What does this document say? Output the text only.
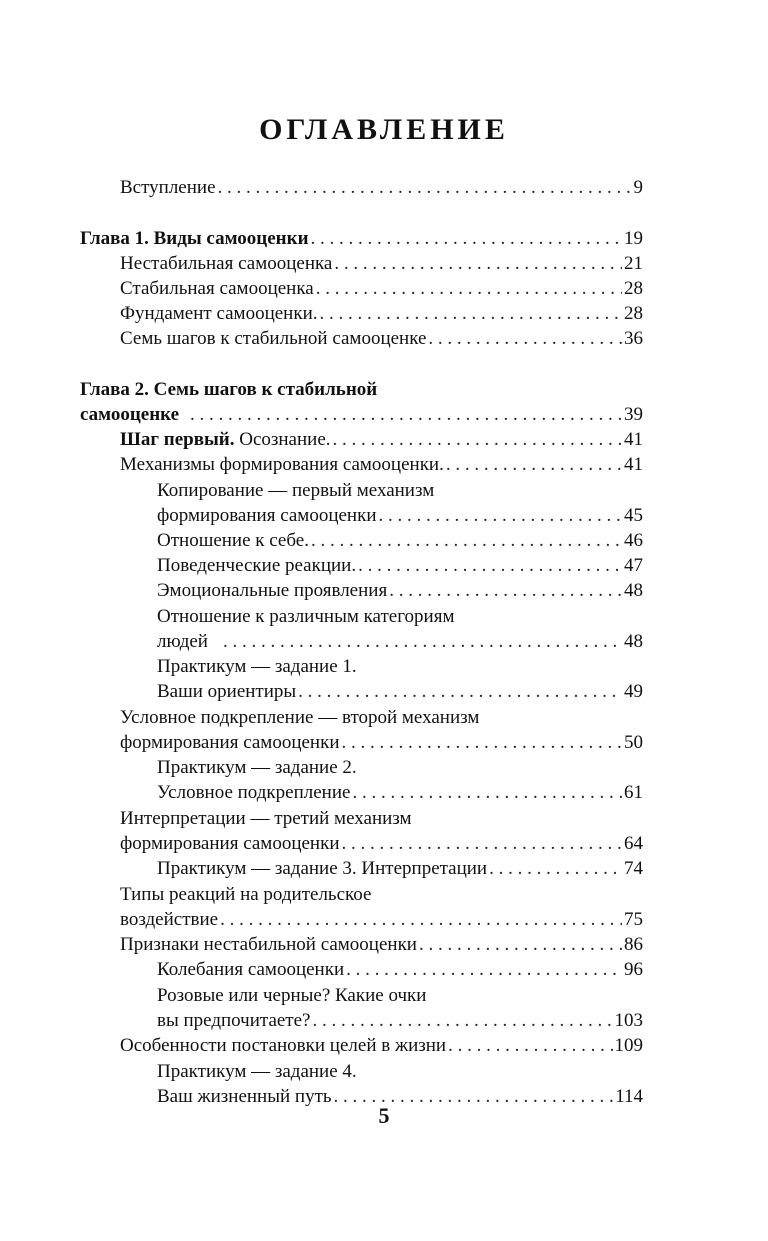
ОГЛАВЛЕНИЕ
Вступление . . .	9
Глава 1. Виды самооценки . . .	19
Нестабильная самооценка . . .	21
Стабильная самооценка . . .	28
Фундамент самооценки. . . .	28
Семь шагов к стабильной самооценке . . .	36
Глава 2. Семь шагов к стабильной
самооценке . . .	39
Шаг первый. Осознание. . . .	41
Механизмы формирования самооценки. . . .	41
Копирование — первый механизм
формирования самооценки . . .	45
Отношение к себе. . . .	46
Поведенческие реакции. . . .	47
Эмоциональные проявления . . .	48
Отношение к различным категориям
людей . . .	48
Практикум — задание 1.
Ваши ориентиры . . .	49
Условное подкрепление — второй механизм
формирования самооценки . . .	50
Практикум — задание 2.
Условное подкрепление . . .	61
Интерпретации — третий механизм
формирования самооценки . . .	64
Практикум — задание 3. Интерпретации . . .	74
Типы реакций на родительское
воздействие . . .	75
Признаки нестабильной самооценки . . .	86
Колебания самооценки . . .	96
Розовые или черные? Какие очки
вы предпочитаете? . . .	103
Особенности постановки целей в жизни . . .	109
Практикум — задание 4.
Ваш жизненный путь . . .	114
5
